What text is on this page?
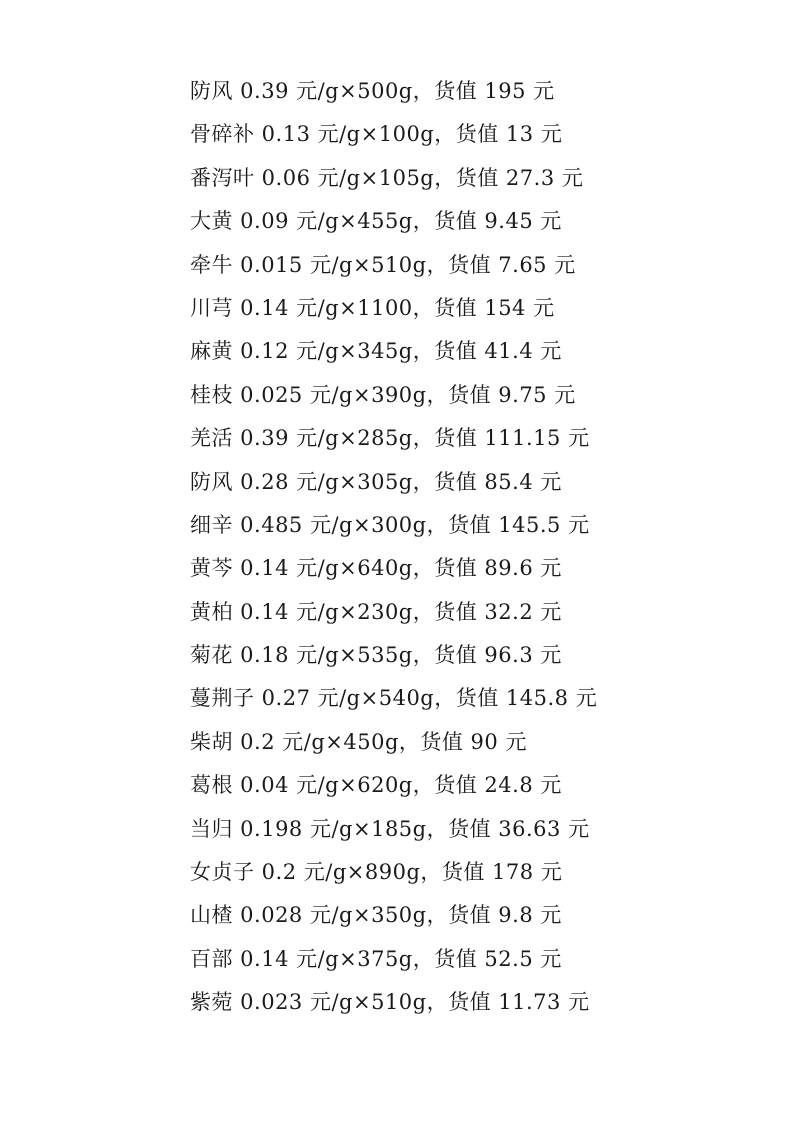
防风 0.39 元/g×500g，货值 195 元
骨碎补 0.13 元/g×100g，货值 13 元
番泻叶 0.06 元/g×105g，货值 27.3 元
大黄 0.09 元/g×455g，货值 9.45 元
牵牛 0.015 元/g×510g，货值 7.65 元
川芎 0.14 元/g×1100，货值 154 元
麻黄 0.12 元/g×345g，货值 41.4 元
桂枝 0.025 元/g×390g，货值 9.75 元
羌活 0.39 元/g×285g，货值 111.15 元
防风 0.28 元/g×305g，货值 85.4 元
细辛 0.485 元/g×300g，货值 145.5 元
黄芩 0.14 元/g×640g，货值 89.6 元
黄柏 0.14 元/g×230g，货值 32.2 元
菊花 0.18 元/g×535g，货值 96.3 元
蔓荆子 0.27 元/g×540g，货值 145.8 元
柴胡 0.2 元/g×450g，货值 90 元
葛根 0.04 元/g×620g，货值 24.8 元
当归 0.198 元/g×185g，货值 36.63 元
女贞子 0.2 元/g×890g，货值 178 元
山楂 0.028 元/g×350g，货值 9.8 元
百部 0.14 元/g×375g，货值 52.5 元
紫菀 0.023 元/g×510g，货值 11.73 元
